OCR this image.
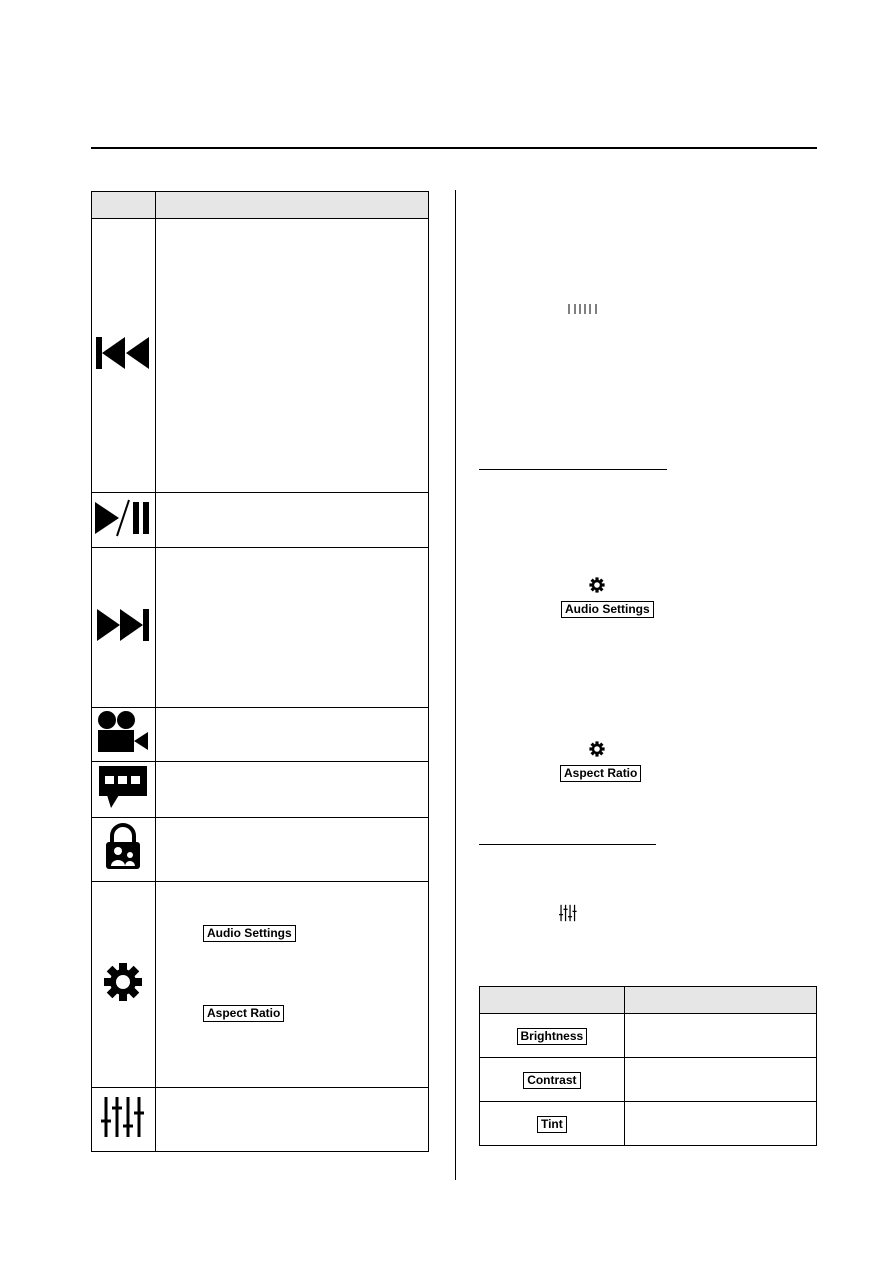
Audio Settings
Aspect Ratio

Audio Settings
Aspect Ratio

Brightness	
Contrast	
Tint	
